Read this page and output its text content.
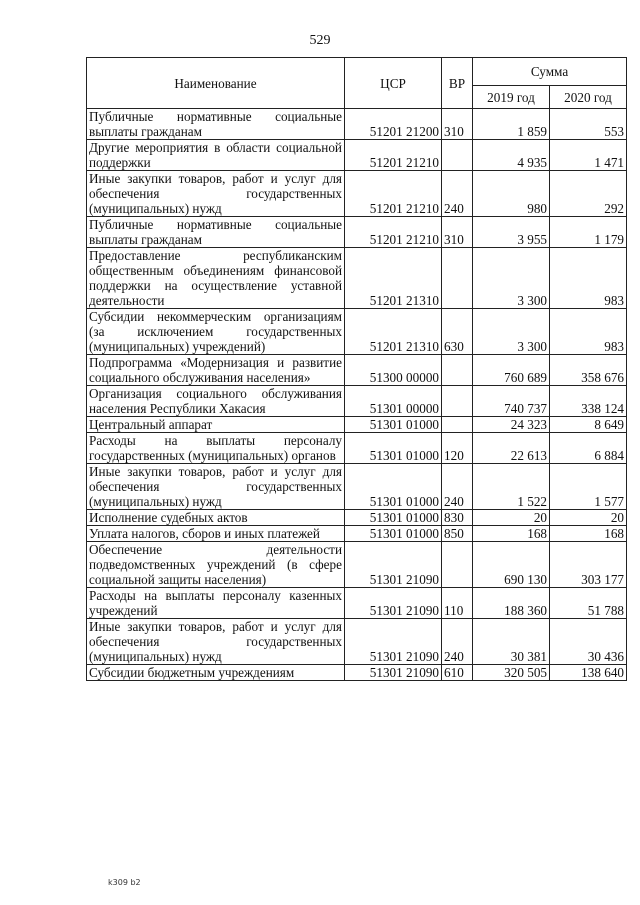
529
Наименование	ЦСР	ВР	Сумма	
			2019 год	2020 год
Публичные нормативные социальные выплаты гражданам	51201 21200	310	1 859	553
Другие мероприятия в области социальной поддержки	51201 21210		4 935	1 471
Иные закупки товаров, работ и услуг для обеспечения государственных (муниципальных) нужд	51201 21210	240	980	292
Публичные нормативные социальные выплаты гражданам	51201 21210	310	3 955	1 179
Предоставление республиканским общественным объединениям финансовой поддержки на осуществление уставной деятельности	51201 21310		3 300	983
Субсидии некоммерческим организациям (за исключением государственных (муниципальных) учреждений)	51201 21310	630	3 300	983
Подпрограмма «Модернизация и развитие социального обслуживания населения»	51300 00000		760 689	358 676
Организация социального обслуживания населения Республики Хакасия	51301 00000		740 737	338 124
Центральный аппарат	51301 01000		24 323	8 649
Расходы на выплаты персоналу государственных (муниципальных) органов	51301 01000	120	22 613	6 884
Иные закупки товаров, работ и услуг для обеспечения государственных (муниципальных) нужд	51301 01000	240	1 522	1 577
Исполнение судебных актов	51301 01000	830	20	20
Уплата налогов, сборов и иных платежей	51301 01000	850	168	168
Обеспечение деятельности подведомственных учреждений (в сфере социальной защиты населения)	51301 21090		690 130	303 177
Расходы на выплаты персоналу казенных учреждений	51301 21090	110	188 360	51 788
Иные закупки товаров, работ и услуг для обеспечения государственных (муниципальных) нужд	51301 21090	240	30 381	30 436
Субсидии бюджетным учреждениям	51301 21090	610	320 505	138 640
k309 b2
